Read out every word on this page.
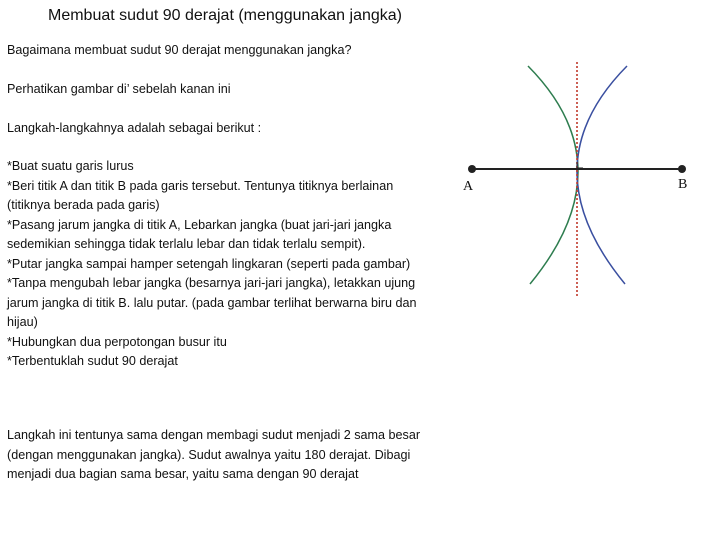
Membuat sudut 90 derajat (menggunakan jangka)

Bagaimana membuat sudut 90 derajat menggunakan jangka?

Perhatikan gambar di’ sebelah kanan ini

Langkah-langkahnya adalah sebagai berikut :

*Buat suatu garis lurus
*Beri titik A dan titik B pada garis tersebut. Tentunya titiknya berlainan (titiknya berada pada garis)
*Pasang jarum jangka di titik A, Lebarkan jangka (buat jari-jari jangka sedemikian sehingga tidak terlalu lebar dan tidak terlalu sempit).
*Putar jangka sampai hamper setengah lingkaran (seperti pada gambar)
*Tanpa mengubah lebar jangka (besarnya jari-jari jangka), letakkan ujung jarum jangka di titik B. lalu putar. (pada gambar terlihat berwarna biru dan hijau)
*Hubungkan dua perpotongan busur itu
*Terbentuklah sudut 90 derajat

Langkah ini tentunya sama dengan membagi sudut menjadi 2 sama besar (dengan menggunakan jangka). Sudut awalnya yaitu 180 derajat. Dibagi menjadi dua bagian sama besar, yaitu sama dengan 90 derajat

A	B
